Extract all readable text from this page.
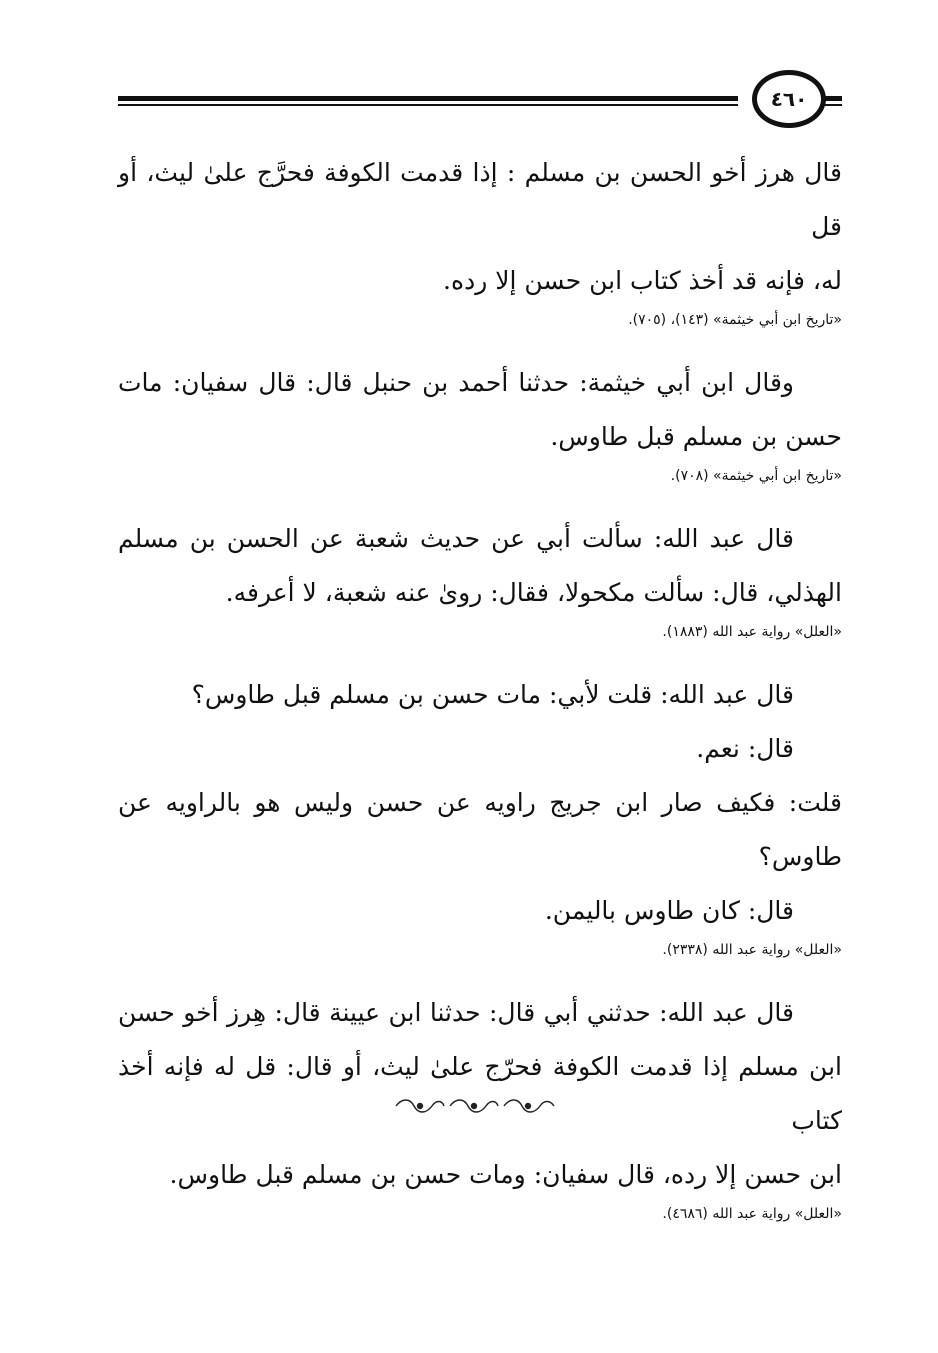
٤٦٠

قال هرز أخو الحسن بن مسلم : إذا قدمت الكوفة فحرَّج علىٰ ليث، أو قل
له، فإنه قد أخذ كتاب ابن حسن إلا رده.

«تاريخ ابن أبي خيثمة» (١٤٣)، (٧٠٥).

وقال ابن أبي خيثمة: حدثنا أحمد بن حنبل قال: قال سفيان: مات
حسن بن مسلم قبل طاوس.

«تاريخ ابن أبي خيثمة» (٧٠٨).

قال عبد الله: سألت أبي عن حديث شعبة عن الحسن بن مسلم
الهذلي، قال: سألت مكحولا، فقال: رویٰ عنه شعبة، لا أعرفه.

«العلل» رواية عبد الله (١٨٨٣).

قال عبد الله: قلت لأبي: مات حسن بن مسلم قبل طاوس؟
قال: نعم.
قلت: فكيف صار ابن جريج راويه عن حسن وليس هو بالراويه عن
طاوس؟
قال: كان طاوس باليمن.

«العلل» رواية عبد الله (٢٣٣٨).

قال عبد الله: حدثني أبي قال: حدثنا ابن عيينة قال: هِرز أخو حسن
ابن مسلم إذا قدمت الكوفة فحرّج علىٰ ليث، أو قال: قل له فإنه أخذ كتاب
ابن حسن إلا رده، قال سفيان: ومات حسن بن مسلم قبل طاوس.

«العلل» رواية عبد الله (٤٦٨٦).
